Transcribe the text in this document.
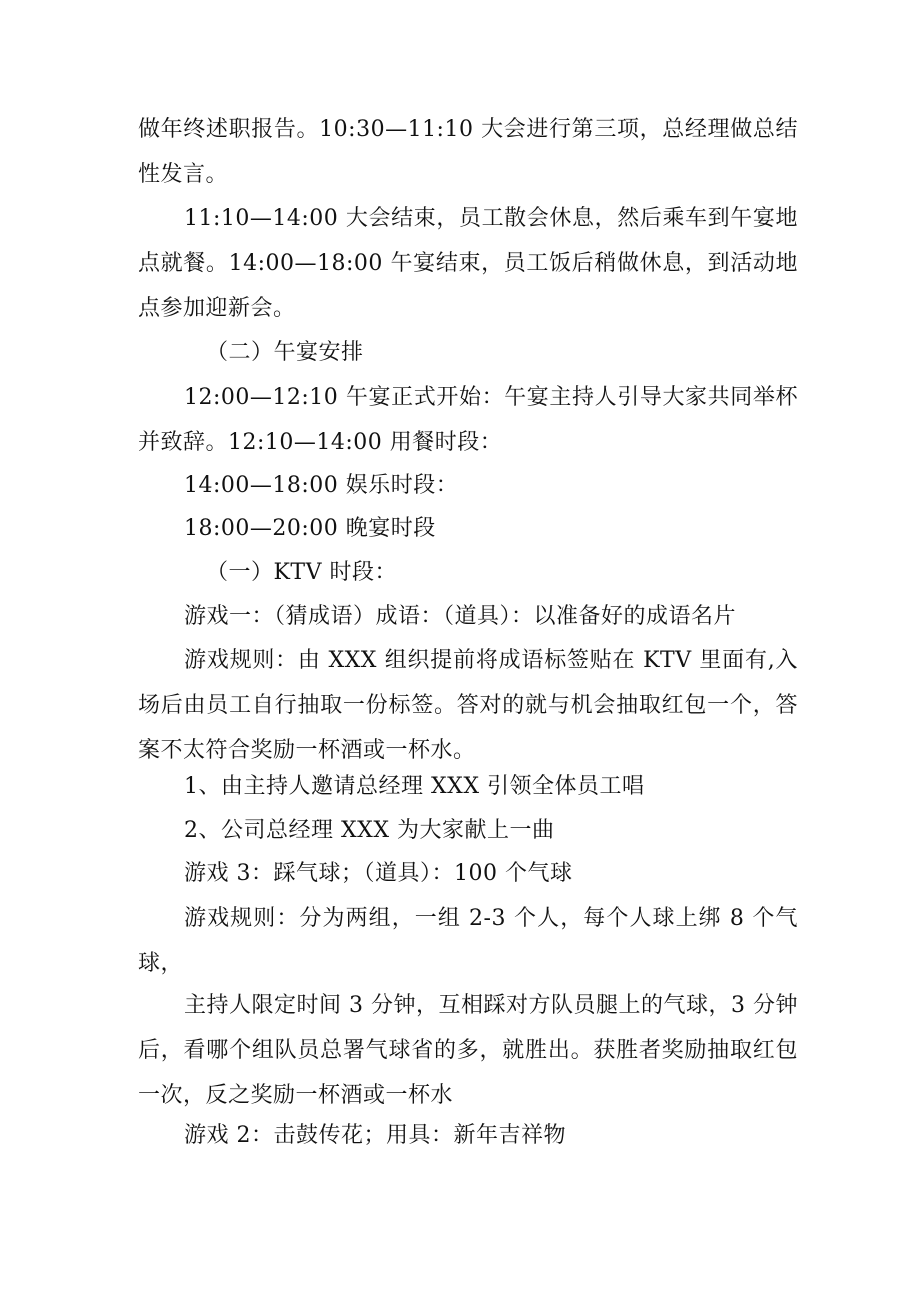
做年终述职报告。10:30—11:10 大会进行第三项，总经理做总结性发言。

11:10—14:00 大会结束，员工散会休息，然后乘车到午宴地点就餐。14:00—18:00 午宴结束，员工饭后稍做休息，到活动地点参加迎新会。

（二）午宴安排

12:00—12:10 午宴正式开始：午宴主持人引导大家共同举杯并致辞。12:10—14:00 用餐时段：

14:00—18:00 娱乐时段：

18:00—20:00 晚宴时段

（一）KTV 时段：

游戏一：（猜成语）成语：（道具）：以准备好的成语名片

游戏规则：由 XXX 组织提前将成语标签贴在 KTV 里面有,入场后由员工自行抽取一份标签。答对的就与机会抽取红包一个，答案不太符合奖励一杯酒或一杯水。

1、由主持人邀请总经理 XXX 引领全体员工唱

2、公司总经理 XXX 为大家献上一曲

游戏 3：踩气球；（道具）：100 个气球

游戏规则：分为两组，一组 2-3 个人，每个人球上绑 8 个气球，

主持人限定时间 3 分钟，互相踩对方队员腿上的气球，3 分钟后，看哪个组队员总署气球省的多，就胜出。获胜者奖励抽取红包一次，反之奖励一杯酒或一杯水

游戏 2：击鼓传花；用具：新年吉祥物
